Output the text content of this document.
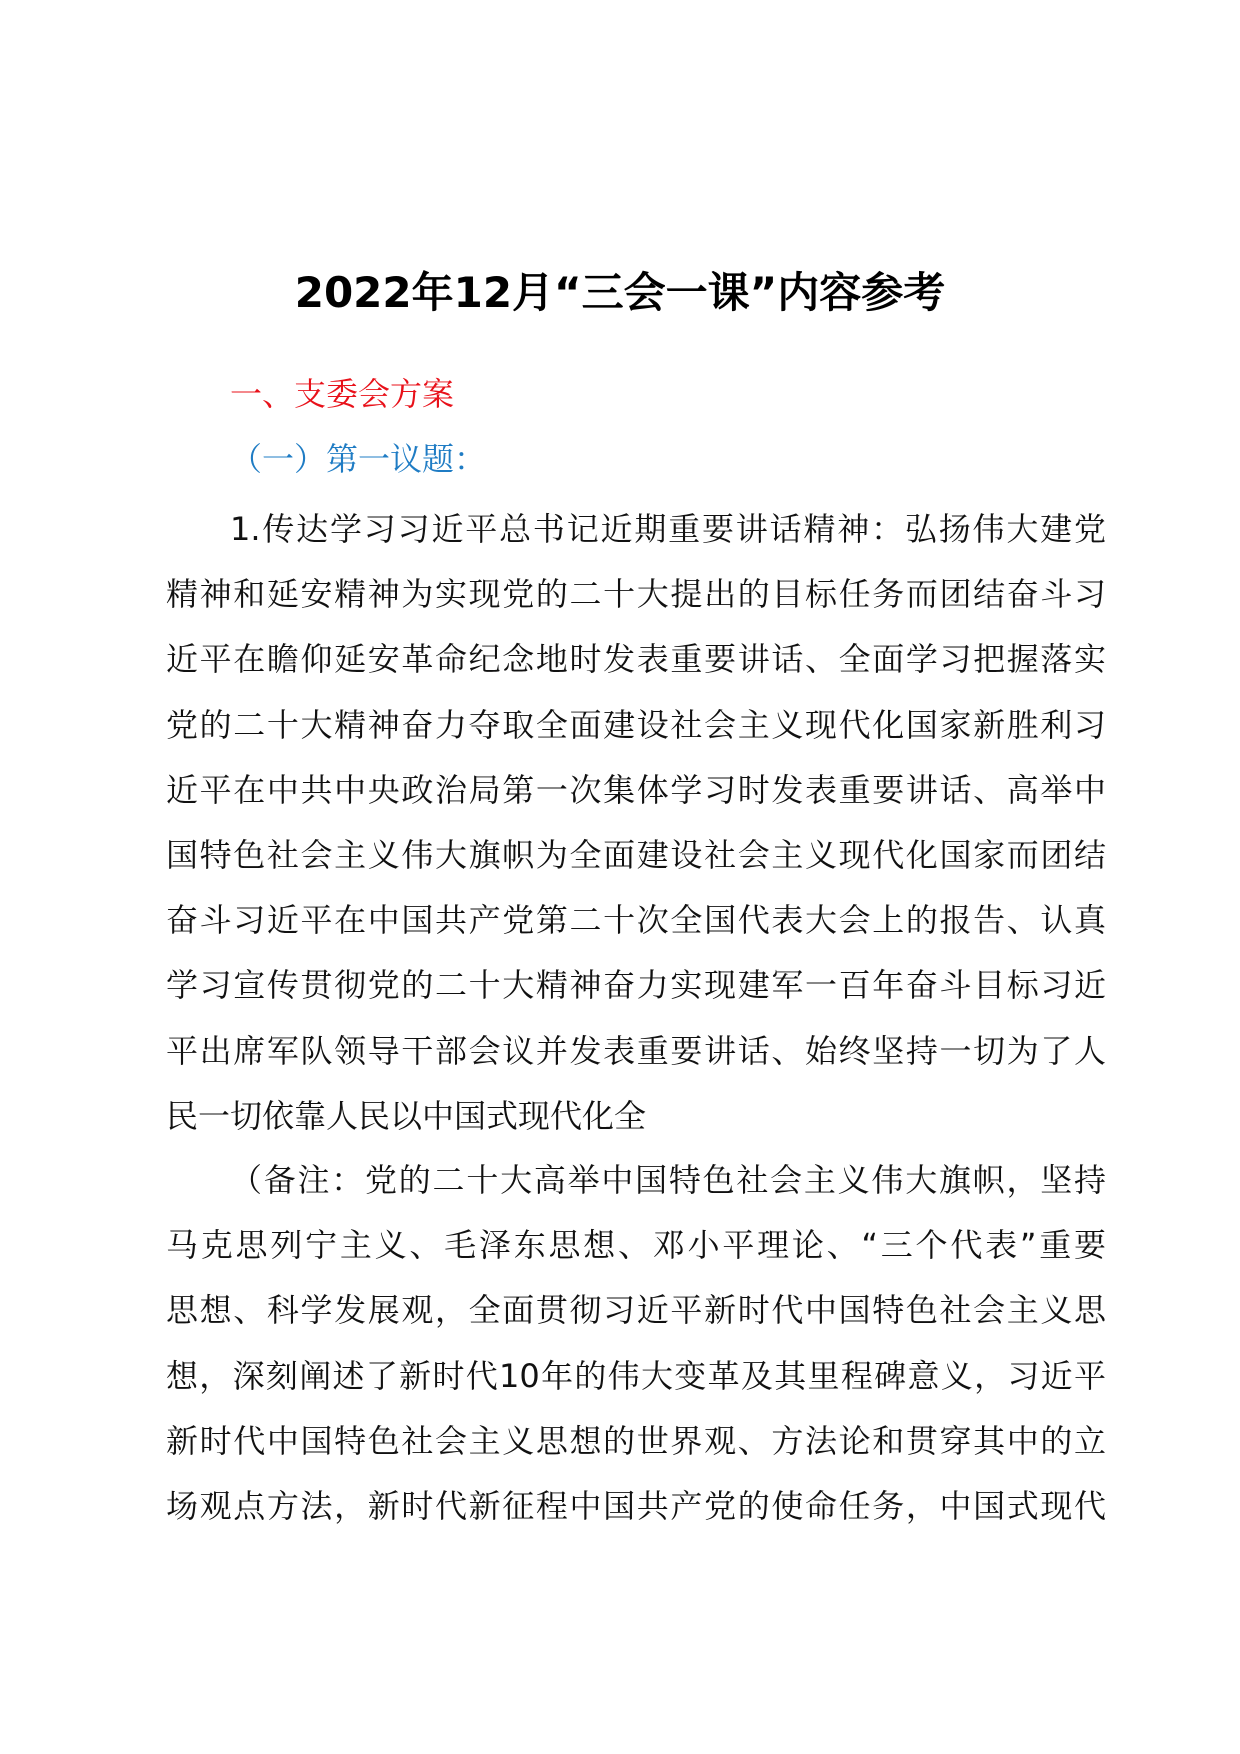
2022年12月“三会一课”内容参考
一、支委会方案
（一）第一议题：
1.传达学习习近平总书记近期重要讲话精神：弘扬伟大建党
精神和延安精神为实现党的二十大提出的目标任务而团结奋斗习
近平在瞻仰延安革命纪念地时发表重要讲话、全面学习把握落实
党的二十大精神奋力夺取全面建设社会主义现代化国家新胜利习
近平在中共中央政治局第一次集体学习时发表重要讲话、高举中
国特色社会主义伟大旗帜为全面建设社会主义现代化国家而团结
奋斗习近平在中国共产党第二十次全国代表大会上的报告、认真
学习宣传贯彻党的二十大精神奋力实现建军一百年奋斗目标习近
平出席军队领导干部会议并发表重要讲话、始终坚持一切为了人
民一切依靠人民以中国式现代化全
（备注：党的二十大高举中国特色社会主义伟大旗帜，坚持
马克思列宁主义、毛泽东思想、邓小平理论、“三个代表”重要
思想、科学发展观，全面贯彻习近平新时代中国特色社会主义思
想，深刻阐述了新时代10年的伟大变革及其里程碑意义，习近平
新时代中国特色社会主义思想的世界观、方法论和贯穿其中的立
场观点方法，新时代新征程中国共产党的使命任务，中国式现代
